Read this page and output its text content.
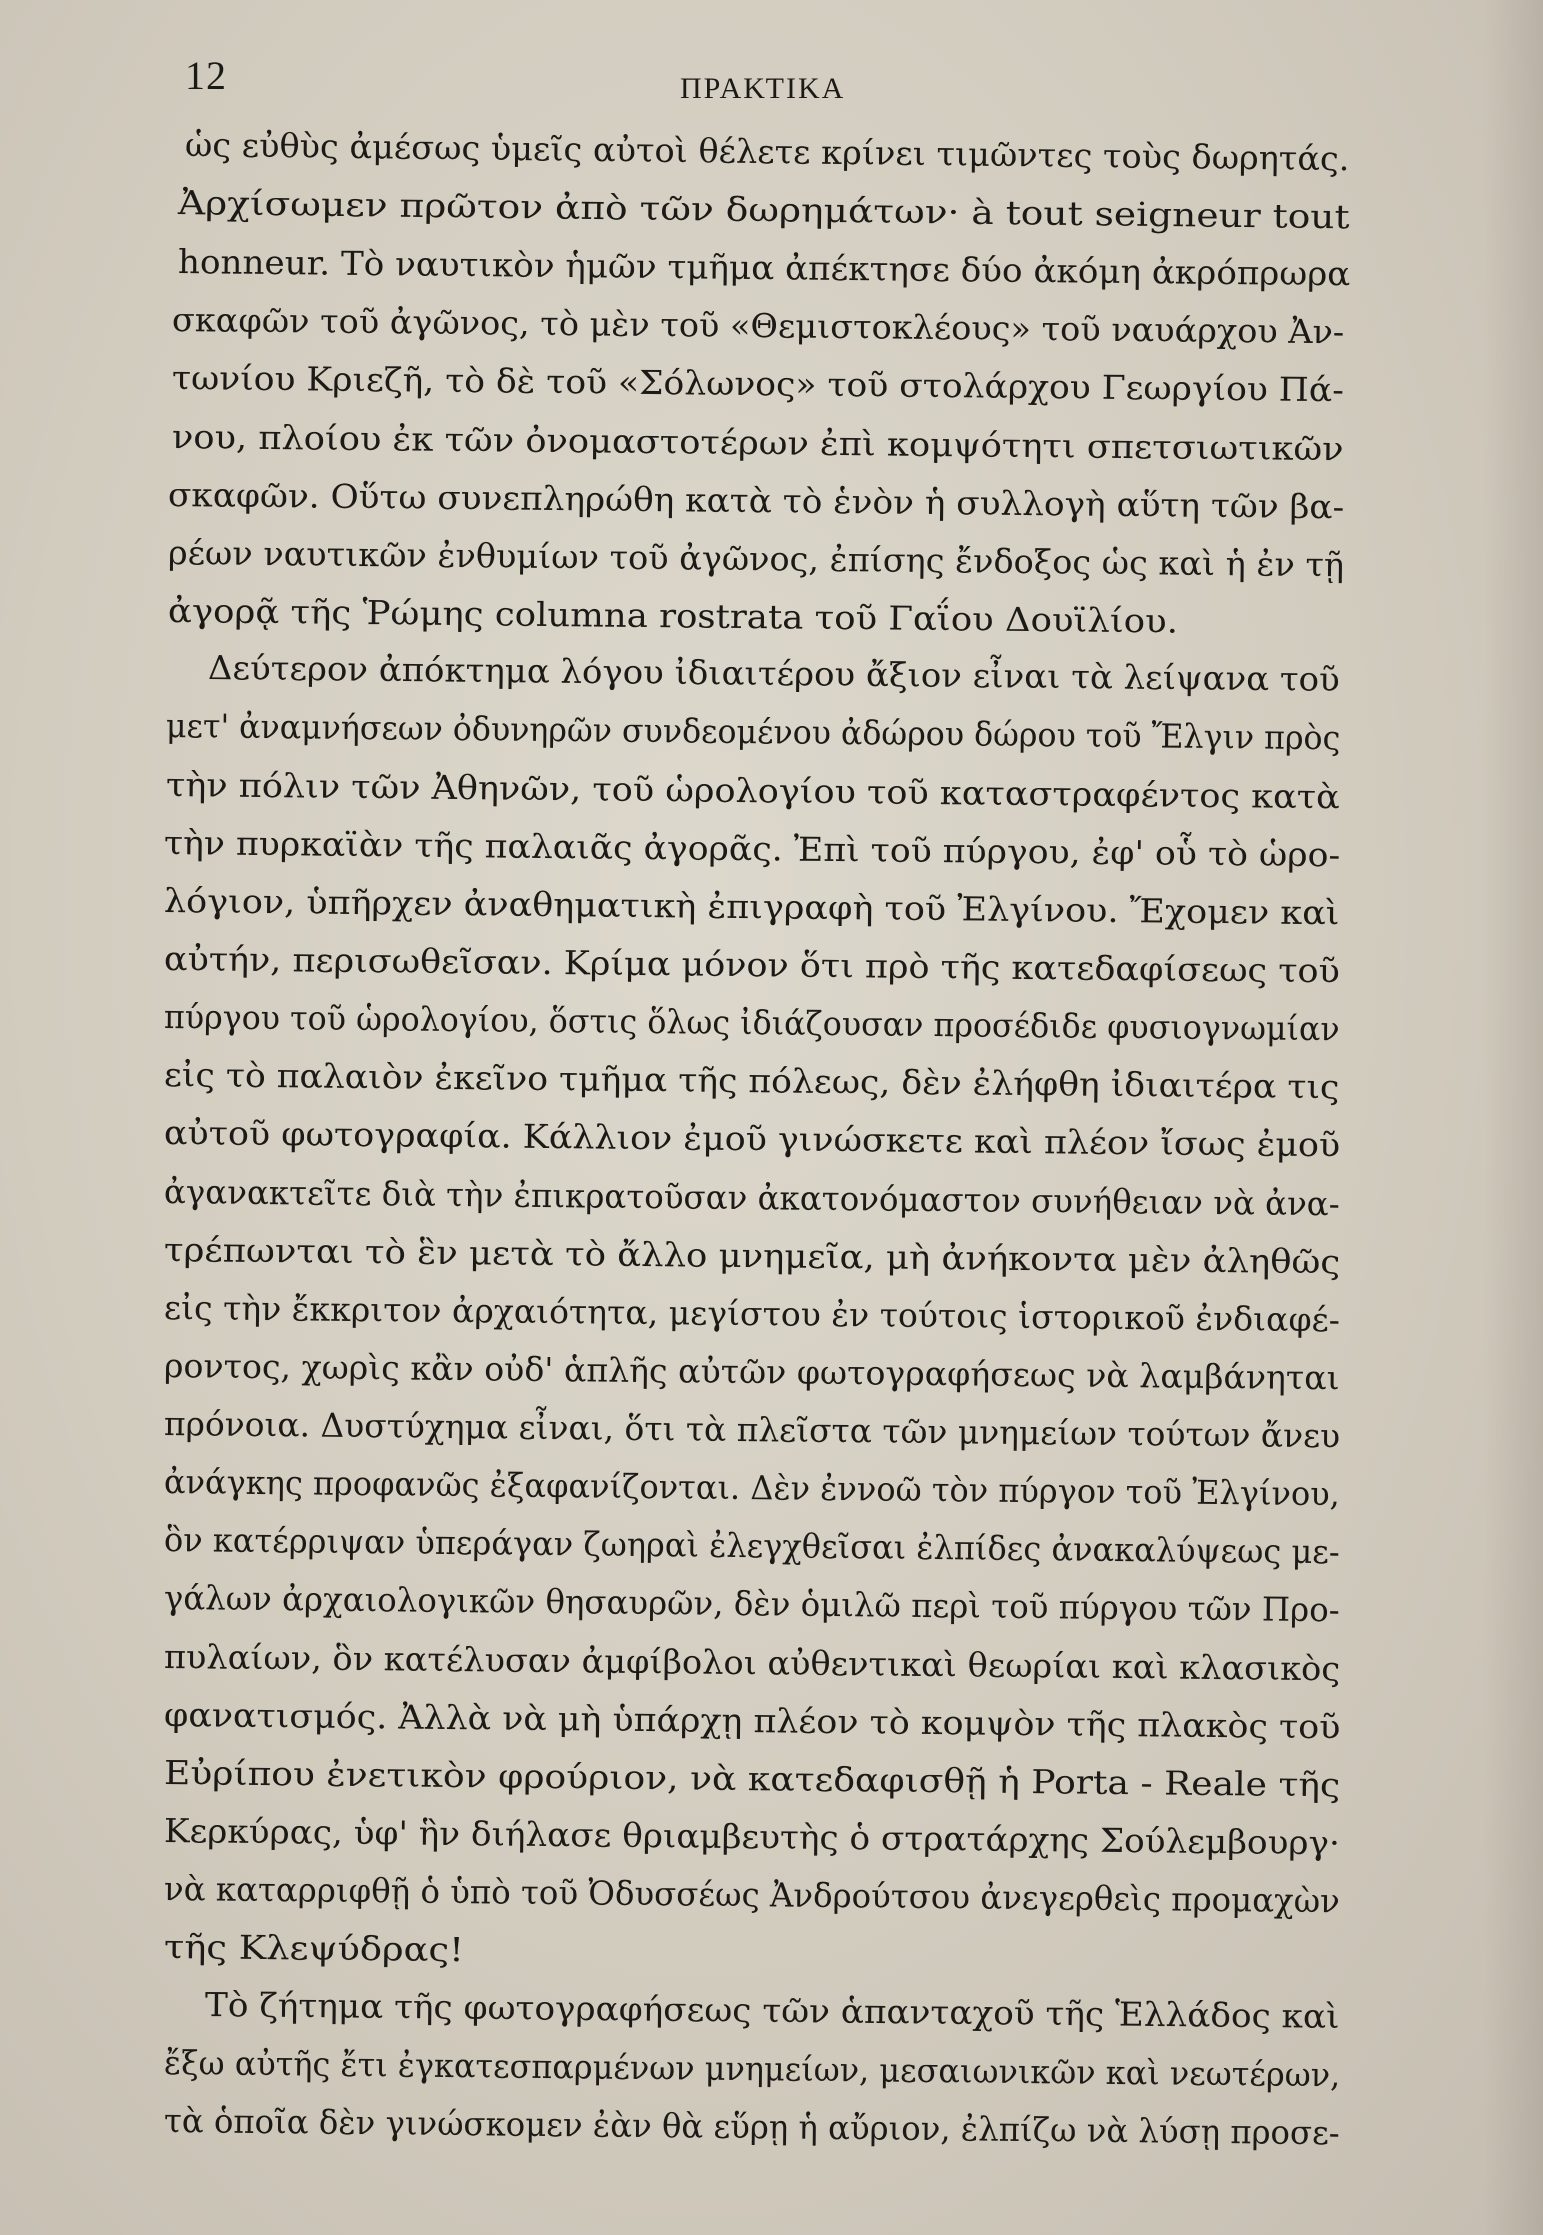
12	ΠΡΑΚΤΙΚΑ
ὡς εὐθὺς ἀμέσως ὑμεῖς αὐτοὶ θέλετε κρίνει τιμῶντες τοὺς δωρητάς.
Ἀρχίσωμεν πρῶτον ἀπὸ τῶν δωρημάτων· à tout seigneur tout
honneur. Τὸ ναυτικὸν ἡμῶν τμῆμα ἀπέκτησε δύο ἀκόμη ἀκρόπρωρα
σκαφῶν τοῦ ἀγῶνος, τὸ μὲν τοῦ «Θεμιστοκλέους» τοῦ ναυάρχου Ἀν-
τωνίου Κριεζῆ, τὸ δὲ τοῦ «Σόλωνος» τοῦ στολάρχου Γεωργίου Πά-
νου, πλοίου ἐκ τῶν ὀνομαστοτέρων ἐπὶ κομψότητι σπετσιωτικῶν
σκαφῶν. Οὕτω συνεπληρώθη κατὰ τὸ ἑνὸν ἡ συλλογὴ αὕτη τῶν βα-
ρέων ναυτικῶν ἐνθυμίων τοῦ ἀγῶνος, ἐπίσης ἔνδοξος ὡς καὶ ἡ ἐν τῇ
ἀγορᾷ τῆς Ῥώμης columna rostrata τοῦ Γαΐου Δουϊλίου.
Δεύτερον ἀπόκτημα λόγου ἰδιαιτέρου ἄξιον εἶναι τὰ λείψανα τοῦ
μετ' ἀναμνήσεων ὀδυνηρῶν συνδεομένου ἀδώρου δώρου τοῦ Ἔλγιν πρὸς
τὴν πόλιν τῶν Ἀθηνῶν, τοῦ ὡρολογίου τοῦ καταστραφέντος κατὰ
τὴν πυρκαϊὰν τῆς παλαιᾶς ἀγορᾶς. Ἐπὶ τοῦ πύργου, ἐφ' οὗ τὸ ὡρο-
λόγιον, ὑπῆρχεν ἀναθηματικὴ ἐπιγραφὴ τοῦ Ἐλγίνου. Ἔχομεν καὶ
αὐτήν, περισωθεῖσαν. Κρίμα μόνον ὅτι πρὸ τῆς κατεδαφίσεως τοῦ
πύργου τοῦ ὡρολογίου, ὅστις ὅλως ἰδιάζουσαν προσέδιδε φυσιογνωμίαν
εἰς τὸ παλαιὸν ἐκεῖνο τμῆμα τῆς πόλεως, δὲν ἐλήφθη ἰδιαιτέρα τις
αὐτοῦ φωτογραφία. Κάλλιον ἐμοῦ γινώσκετε καὶ πλέον ἴσως ἐμοῦ
ἀγανακτεῖτε διὰ τὴν ἐπικρατοῦσαν ἀκατονόμαστον συνήθειαν νὰ ἀνα-
τρέπωνται τὸ ἓν μετὰ τὸ ἄλλο μνημεῖα, μὴ ἀνήκοντα μὲν ἀληθῶς
εἰς τὴν ἔκκριτον ἀρχαιότητα, μεγίστου ἐν τούτοις ἱστορικοῦ ἐνδιαφέ-
ροντος, χωρὶς κἂν οὐδ' ἁπλῆς αὐτῶν φωτογραφήσεως νὰ λαμβάνηται
πρόνοια. Δυστύχημα εἶναι, ὅτι τὰ πλεῖστα τῶν μνημείων τούτων ἄνευ
ἀνάγκης προφανῶς ἐξαφανίζονται. Δὲν ἐννοῶ τὸν πύργον τοῦ Ἐλγίνου,
ὃν κατέρριψαν ὑπεράγαν ζωηραὶ ἐλεγχθεῖσαι ἐλπίδες ἀνακαλύψεως με-
γάλων ἀρχαιολογικῶν θησαυρῶν, δὲν ὁμιλῶ περὶ τοῦ πύργου τῶν Προ-
πυλαίων, ὃν κατέλυσαν ἀμφίβολοι αὐθεντικαὶ θεωρίαι καὶ κλασικὸς
φανατισμός. Ἀλλὰ νὰ μὴ ὑπάρχῃ πλέον τὸ κομψὸν τῆς πλακὸς τοῦ
Εὐρίπου ἐνετικὸν φρούριον, νὰ κατεδαφισθῇ ἡ Porta - Reale τῆς
Κερκύρας, ὑφ' ἣν διήλασε θριαμβευτὴς ὁ στρατάρχης Σούλεμβουργ·
νὰ καταρριφθῇ ὁ ὑπὸ τοῦ Ὀδυσσέως Ἀνδρούτσου ἀνεγερθεὶς προμαχὼν
τῆς Κλεψύδρας!
Τὸ ζήτημα τῆς φωτογραφήσεως τῶν ἁπανταχοῦ τῆς Ἑλλάδος καὶ
ἔξω αὐτῆς ἔτι ἐγκατεσπαρμένων μνημείων, μεσαιωνικῶν καὶ νεωτέρων,
τὰ ὁποῖα δὲν γινώσκομεν ἐὰν θὰ εὕρῃ ἡ αὔριον, ἐλπίζω νὰ λύσῃ προσε-
